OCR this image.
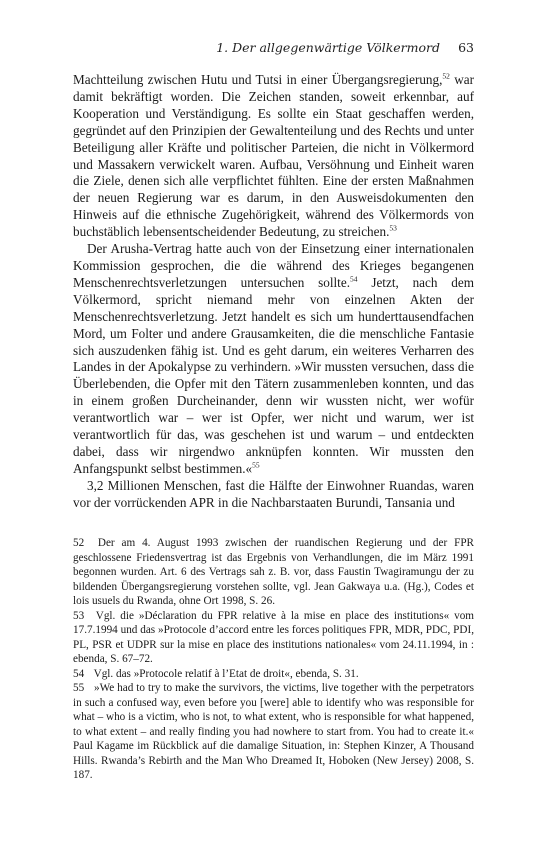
1. Der allgegenwärtige Völkermord 63

Machtteilung zwischen Hutu und Tutsi in einer Übergangsregierung,$^{52}$ war damit bekräftigt worden. Die Zeichen standen, soweit erkennbar, auf Kooperation und Verständigung. Es sollte ein Staat geschaffen werden, gegründet auf den Prinzipien der Gewaltenteilung und des Rechts und unter Beteiligung aller Kräfte und politischer Parteien, die nicht in Völkermord und Massakern verwickelt waren. Aufbau, Versöhnung und Einheit waren die Ziele, denen sich alle verpflichtet fühlten. Eine der ersten Maßnahmen der neuen Regierung war es darum, in den Ausweisdokumenten den Hinweis auf die ethnische Zugehörigkeit, während des Völkermords von buchstäblich lebensentscheidender Bedeutung, zu streichen.$^{53}$

Der Arusha-Vertrag hatte auch von der Einsetzung einer internationalen Kommission gesprochen, die die während des Krieges begangenen Menschenrechtsverletzungen untersuchen sollte.$^{54}$ Jetzt, nach dem Völkermord, spricht niemand mehr von einzelnen Akten der Menschenrechtsverletzung. Jetzt handelt es sich um hunderttausendfachen Mord, um Folter und andere Grausamkeiten, die die menschliche Fantasie sich auszudenken fähig ist. Und es geht darum, ein weiteres Verharren des Landes in der Apokalypse zu verhindern. »Wir mussten versuchen, dass die Überlebenden, die Opfer mit den Tätern zusammenleben konnten, und das in einem großen Durcheinander, denn wir wussten nicht, wer wofür verantwortlich war – wer ist Opfer, wer nicht und warum, wer ist verantwortlich für das, was geschehen ist und warum – und entdeckten dabei, dass wir nirgendwo anknüpfen konnten. Wir mussten den Anfangspunkt selbst bestimmen.«$^{55}$

3,2 Millionen Menschen, fast die Hälfte der Einwohner Ruandas, waren vor der vorrückenden APR in die Nachbarstaaten Burundi, Tansania und

52 Der am 4. August 1993 zwischen der ruandischen Regierung und der FPR geschlossene Friedensvertrag ist das Ergebnis von Verhandlungen, die im März 1991 begonnen wurden. Art. 6 des Vertrags sah z. B. vor, dass Faustin Twagiramungu der zu bildenden Übergangsregierung vorstehen sollte, vgl. Jean Gakwaya u.a. (Hg.), Codes et lois usuels du Rwanda, ohne Ort 1998, S. 26.

53 Vgl. die »Déclaration du FPR relative à la mise en place des institutions« vom 17.7.1994 und das »Protocole d’accord entre les forces politiques FPR, MDR, PDC, PDI, PL, PSR et UDPR sur la mise en place des institutions nationales« vom 24.11.1994, in : ebenda, S. 67–72.

54 Vgl. das »Protocole relatif à l’Etat de droit«, ebenda, S. 31.

55 »We had to try to make the survivors, the victims, live together with the perpetrators in such a confused way, even before you [were] able to identify who was responsible for what – who is a victim, who is not, to what extent, who is responsible for what happened, to what extent – and really finding you had nowhere to start from. You had to create it.« Paul Kagame im Rückblick auf die damalige Situation, in: Stephen Kinzer, A Thousand Hills. Rwanda’s Rebirth and the Man Who Dreamed It, Hoboken (New Jersey) 2008, S. 187.
